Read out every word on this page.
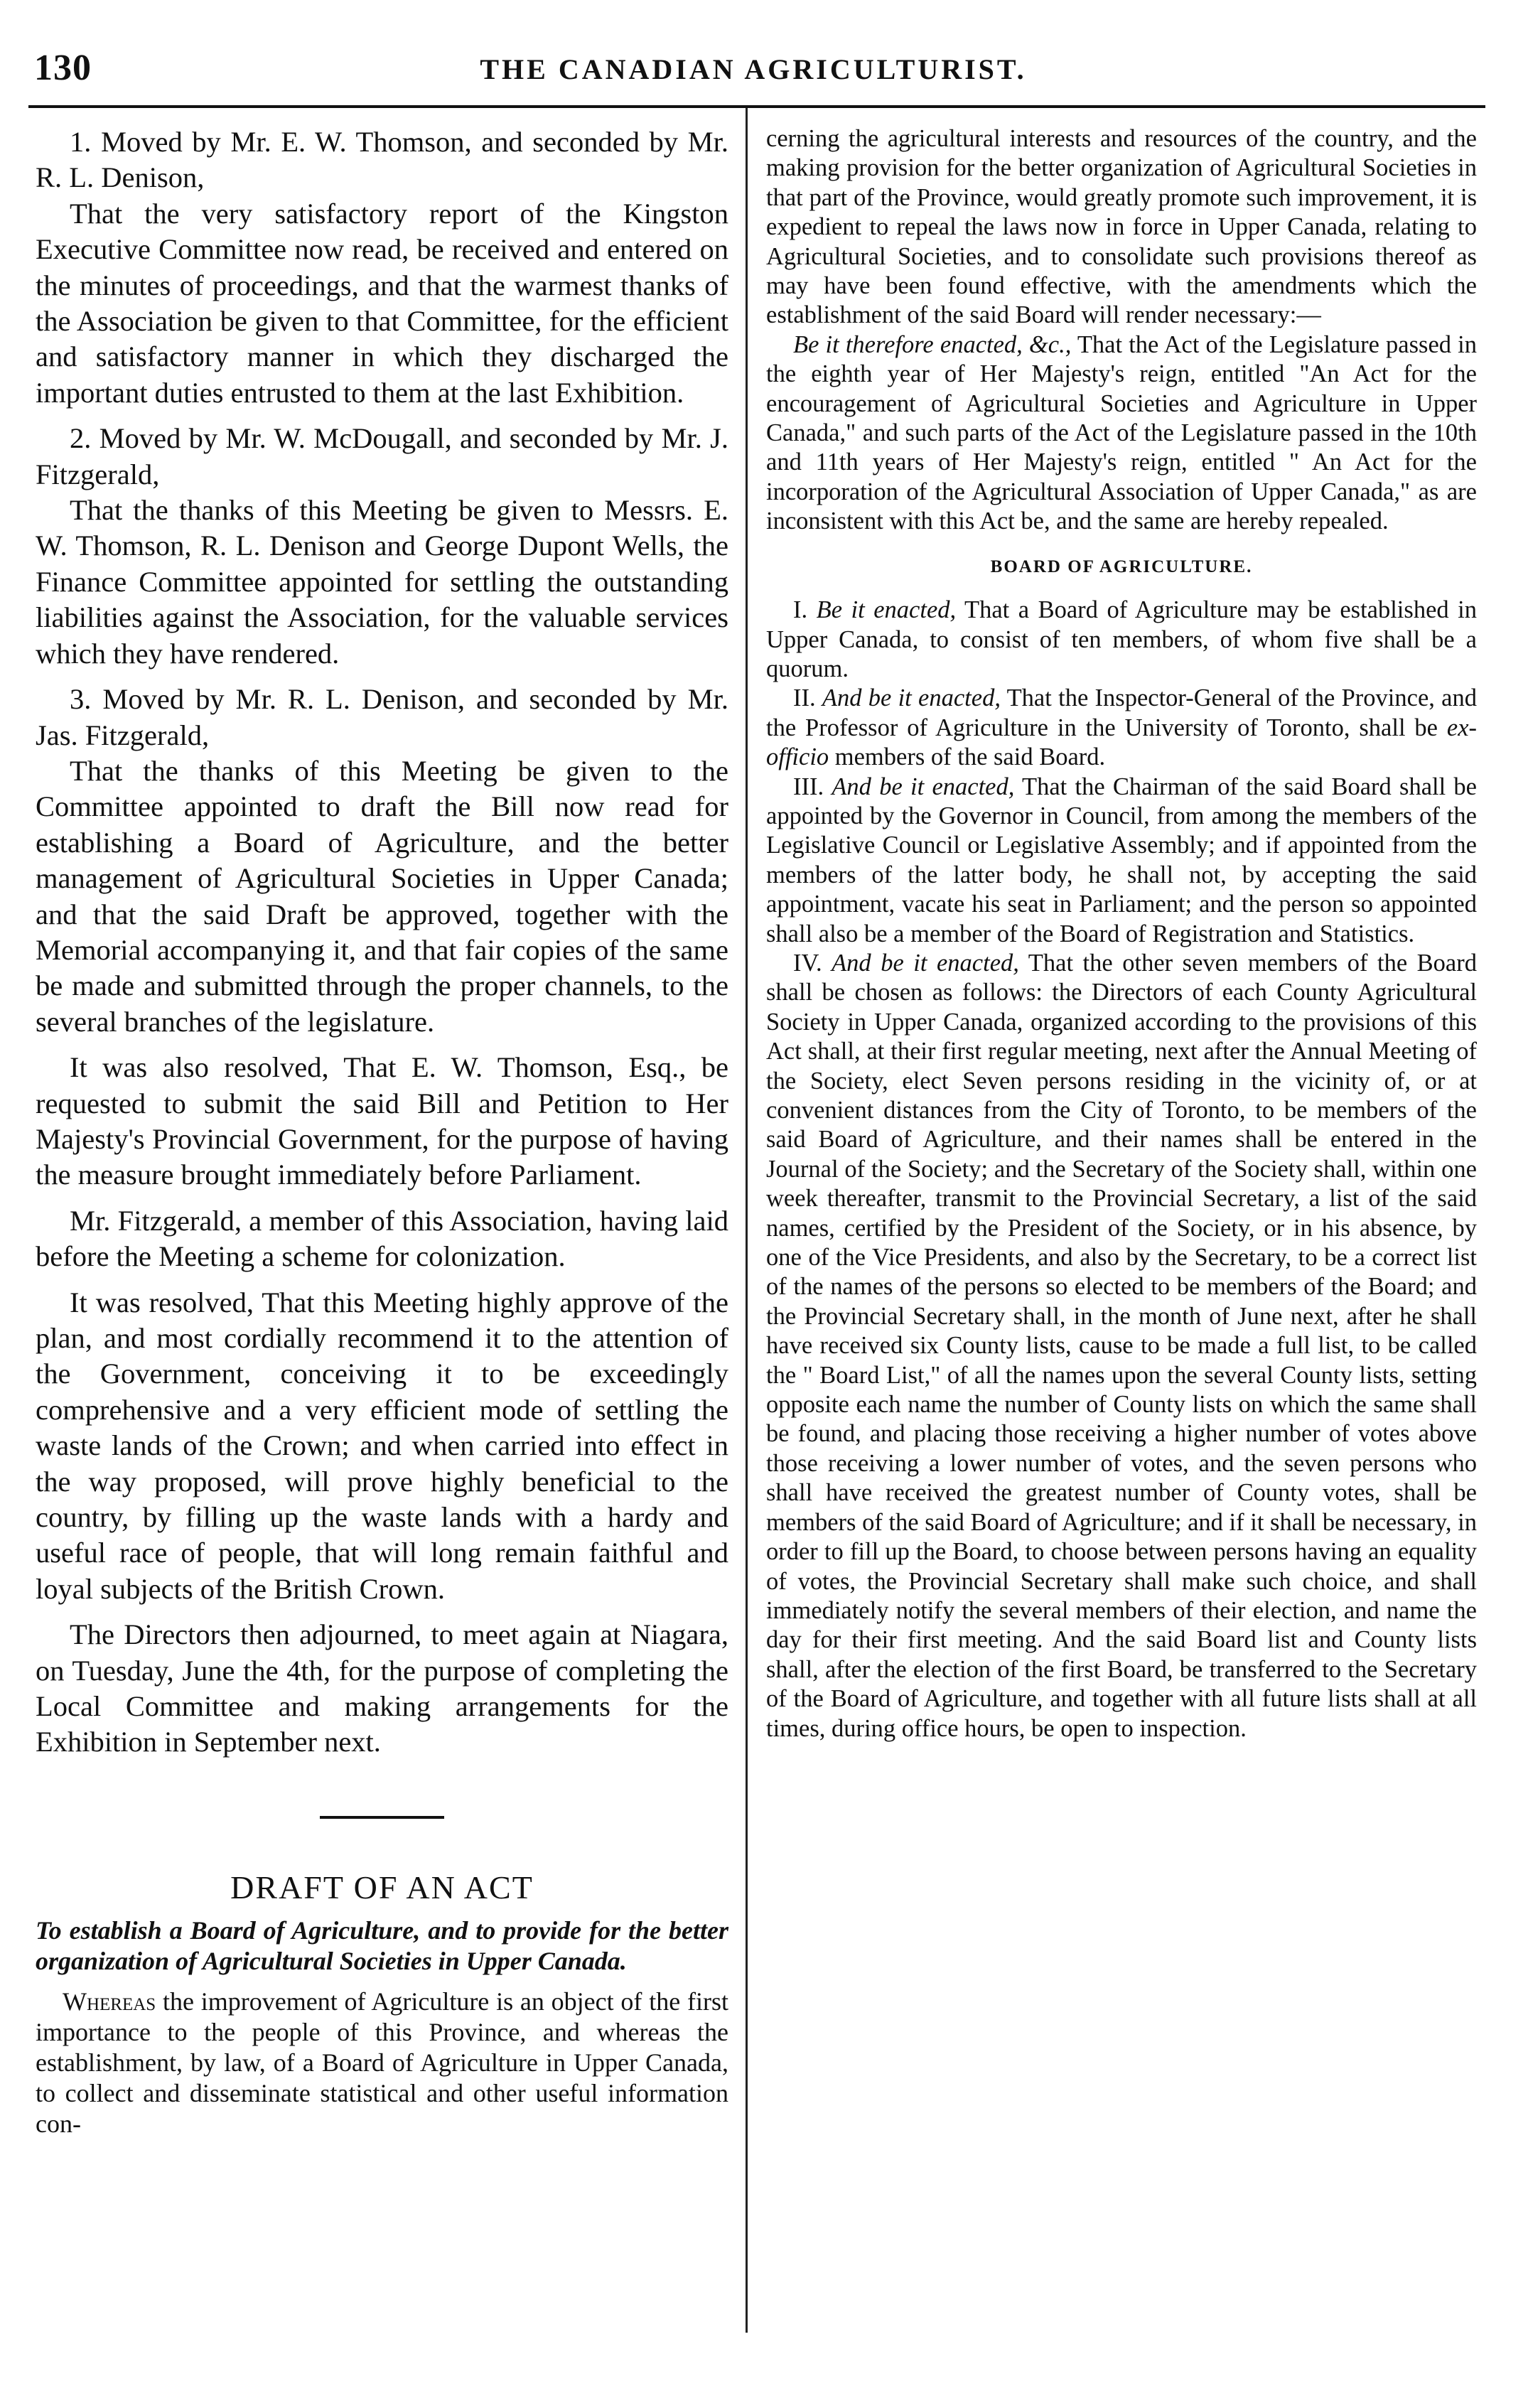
130	THE CANADIAN AGRICULTURIST.

1. Moved by Mr. E. W. Thomson, and seconded by Mr. R. L. Denison,

That the very satisfactory report of the Kingston Executive Committee now read, be received and entered on the minutes of proceedings, and that the warmest thanks of the Association be given to that Committee, for the efficient and satisfactory manner in which they discharged the important duties entrusted to them at the last Exhibition.

2. Moved by Mr. W. McDougall, and seconded by Mr. J. Fitzgerald,

That the thanks of this Meeting be given to Messrs. E. W. Thomson, R. L. Denison and George Dupont Wells, the Finance Committee appointed for settling the outstanding liabilities against the Association, for the valuable services which they have rendered.

3. Moved by Mr. R. L. Denison, and seconded by Mr. Jas. Fitzgerald,

That the thanks of this Meeting be given to the Committee appointed to draft the Bill now read for establishing a Board of Agriculture, and the better management of Agricultural Societies in Upper Canada; and that the said Draft be approved, together with the Memorial accompanying it, and that fair copies of the same be made and submitted through the proper channels, to the several branches of the legislature.

It was also resolved, That E. W. Thomson, Esq., be requested to submit the said Bill and Petition to Her Majesty's Provincial Government, for the purpose of having the measure brought immediately before Parliament.

Mr. Fitzgerald, a member of this Association, having laid before the Meeting a scheme for colonization.

It was resolved, That this Meeting highly approve of the plan, and most cordially recommend it to the attention of the Government, conceiving it to be exceedingly comprehensive and a very efficient mode of settling the waste lands of the Crown; and when carried into effect in the way proposed, will prove highly beneficial to the country, by filling up the waste lands with a hardy and useful race of people, that will long remain faithful and loyal subjects of the British Crown.

The Directors then adjourned, to meet again at Niagara, on Tuesday, June the 4th, for the purpose of completing the Local Committee and making arrangements for the Exhibition in September next.

DRAFT OF AN ACT

To establish a Board of Agriculture, and to provide for the better organization of Agricultural Societies in Upper Canada.

Whereas the improvement of Agriculture is an object of the first importance to the people of this Province, and whereas the establishment, by law, of a Board of Agriculture in Upper Canada, to collect and disseminate statistical and other useful information con-

cerning the agricultural interests and resources of the country, and the making provision for the better organization of Agricultural Societies in that part of the Province, would greatly promote such improvement, it is expedient to repeal the laws now in force in Upper Canada, relating to Agricultural Societies, and to consolidate such provisions thereof as may have been found effective, with the amendments which the establishment of the said Board will render necessary:—

Be it therefore enacted, &c., That the Act of the Legislature passed in the eighth year of Her Majesty's reign, entitled "An Act for the encouragement of Agricultural Societies and Agriculture in Upper Canada," and such parts of the Act of the Legislature passed in the 10th and 11th years of Her Majesty's reign, entitled " An Act for the incorporation of the Agricultural Association of Upper Canada," as are inconsistent with this Act be, and the same are hereby repealed.

BOARD OF AGRICULTURE.

I. Be it enacted, That a Board of Agriculture may be established in Upper Canada, to consist of ten members, of whom five shall be a quorum.

II. And be it enacted, That the Inspector-General of the Province, and the Professor of Agriculture in the University of Toronto, shall be ex-officio members of the said Board.

III. And be it enacted, That the Chairman of the said Board shall be appointed by the Governor in Council, from among the members of the Legislative Council or Legislative Assembly; and if appointed from the members of the latter body, he shall not, by accepting the said appointment, vacate his seat in Parliament; and the person so appointed shall also be a member of the Board of Registration and Statistics.

IV. And be it enacted, That the other seven members of the Board shall be chosen as follows: the Directors of each County Agricultural Society in Upper Canada, organized according to the provisions of this Act shall, at their first regular meeting, next after the Annual Meeting of the Society, elect Seven persons residing in the vicinity of, or at convenient distances from the City of Toronto, to be members of the said Board of Agriculture, and their names shall be entered in the Journal of the Society; and the Secretary of the Society shall, within one week thereafter, transmit to the Provincial Secretary, a list of the said names, certified by the President of the Society, or in his absence, by one of the Vice Presidents, and also by the Secretary, to be a correct list of the names of the persons so elected to be members of the Board; and the Provincial Secretary shall, in the month of June next, after he shall have received six County lists, cause to be made a full list, to be called the " Board List," of all the names upon the several County lists, setting opposite each name the number of County lists on which the same shall be found, and placing those receiving a higher number of votes above those receiving a lower number of votes, and the seven persons who shall have received the greatest number of County votes, shall be members of the said Board of Agriculture; and if it shall be necessary, in order to fill up the Board, to choose between persons having an equality of votes, the Provincial Secretary shall make such choice, and shall immediately notify the several members of their election, and name the day for their first meeting. And the said Board list and County lists shall, after the election of the first Board, be transferred to the Secretary of the Board of Agriculture, and together with all future lists shall at all times, during office hours, be open to inspection.
